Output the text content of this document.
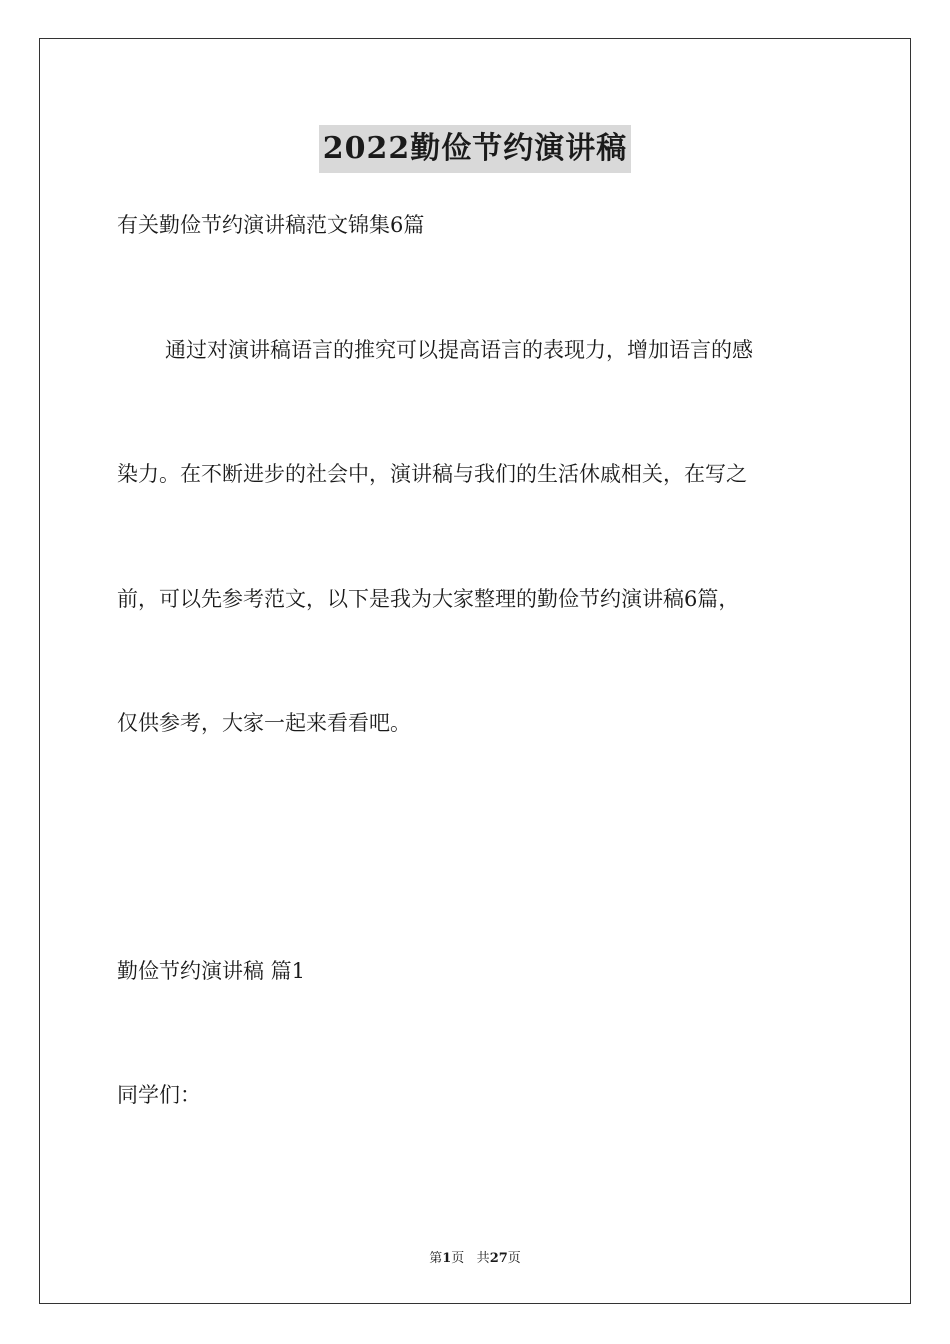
2022勤俭节约演讲稿
有关勤俭节约演讲稿范文锦集6篇
通过对演讲稿语言的推究可以提高语言的表现力，增加语言的感
染力。在不断进步的社会中，演讲稿与我们的生活休戚相关，在写之
前，可以先参考范文，以下是我为大家整理的勤俭节约演讲稿6篇，
仅供参考，大家一起来看看吧。
勤俭节约演讲稿 篇1
同学们：
第1页 共27页
